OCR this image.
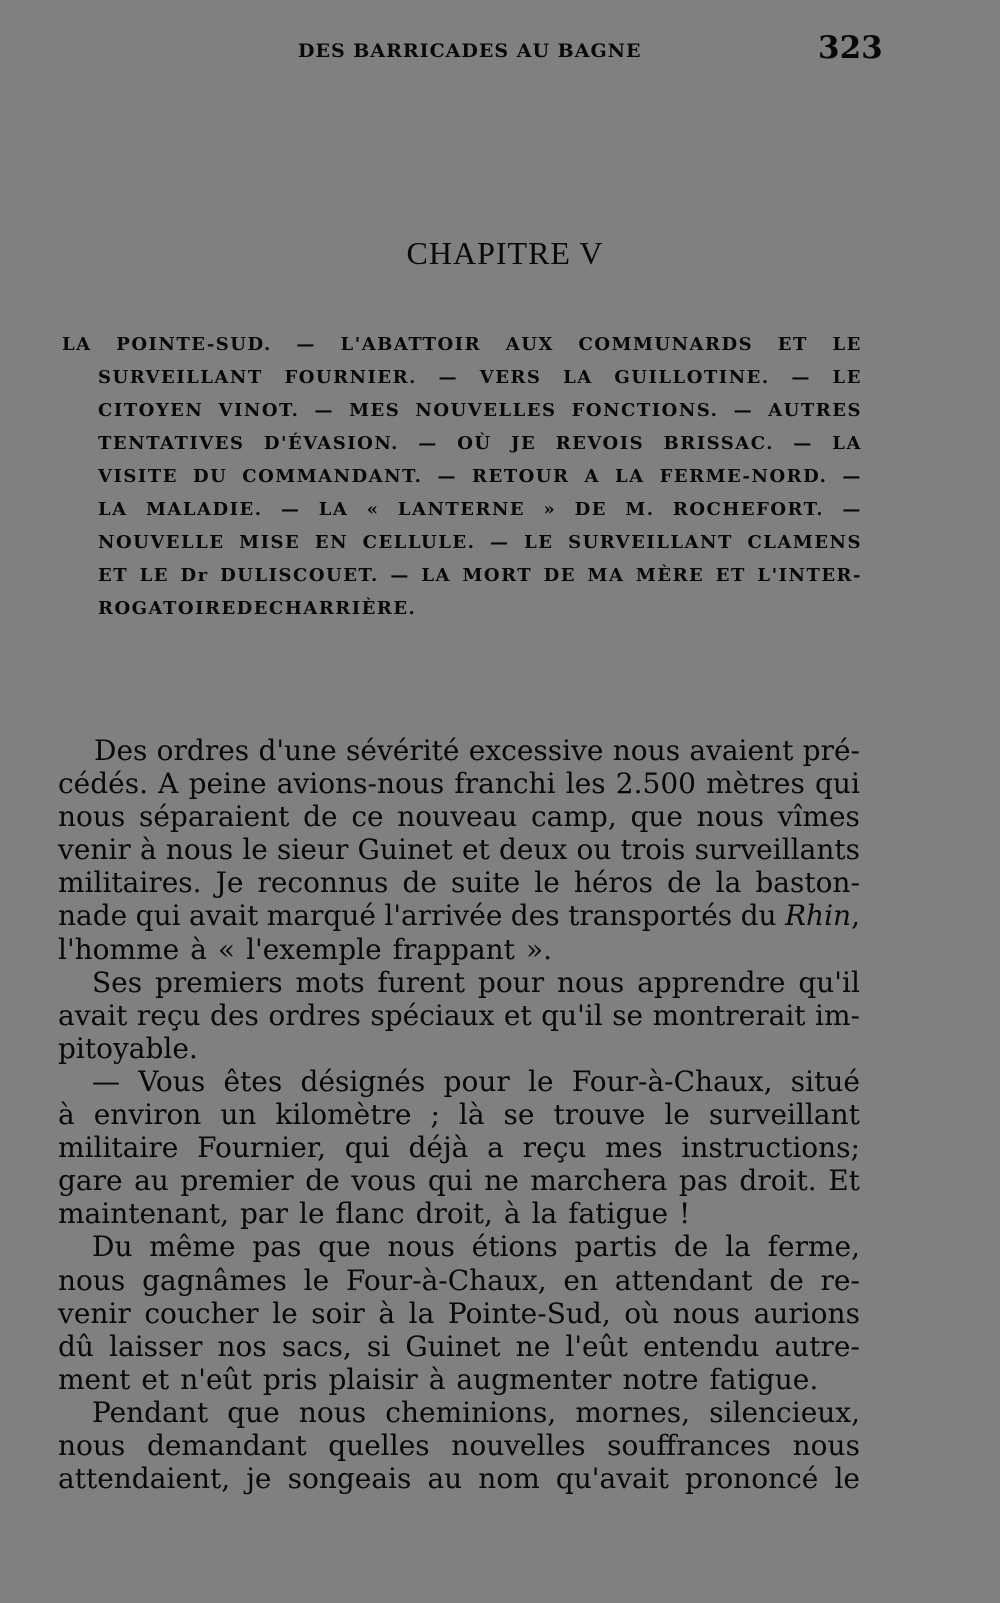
DES BARRICADES AU BAGNE	323
CHAPITRE V
LA POINTE-SUD. — L'ABATTOIR AUX COMMUNARDS ET LE
SURVEILLANT FOURNIER. — VERS LA GUILLOTINE. — LE
CITOYEN VINOT. — MES NOUVELLES FONCTIONS. — AUTRES
TENTATIVES D'ÉVASION. — OÙ JE REVOIS BRISSAC. — LA
VISITE DU COMMANDANT. — RETOUR A LA FERME-NORD. —
LA MALADIE. — LA « LANTERNE » DE M. ROCHEFORT. —
NOUVELLE MISE EN CELLULE. — LE SURVEILLANT CLAMENS
ET LE Dr DULISCOUET. — LA MORT DE MA MÈRE ET L'INTER-
ROGATOIRE DE CHARRIÈRE.
Des ordres d'une sévérité excessive nous avaient pré-
cédés. A peine avions-nous franchi les 2.500 mètres qui
nous séparaient de ce nouveau camp, que nous vîmes
venir à nous le sieur Guinet et deux ou trois surveillants
militaires. Je reconnus de suite le héros de la baston-
nade qui avait marqué l'arrivée des transportés du Rhin,
l'homme à « l'exemple frappant ».
Ses premiers mots furent pour nous apprendre qu'il
avait reçu des ordres spéciaux et qu'il se montrerait im-
pitoyable.
— Vous êtes désignés pour le Four-à-Chaux, situé
à environ un kilomètre ; là se trouve le surveillant
militaire Fournier, qui déjà a reçu mes instructions;
gare au premier de vous qui ne marchera pas droit. Et
maintenant, par le flanc droit, à la fatigue !
Du même pas que nous étions partis de la ferme,
nous gagnâmes le Four-à-Chaux, en attendant de re-
venir coucher le soir à la Pointe-Sud, où nous aurions
dû laisser nos sacs, si Guinet ne l'eût entendu autre-
ment et n'eût pris plaisir à augmenter notre fatigue.
Pendant que nous cheminions, mornes, silencieux,
nous demandant quelles nouvelles souffrances nous
attendaient, je songeais au nom qu'avait prononcé le
